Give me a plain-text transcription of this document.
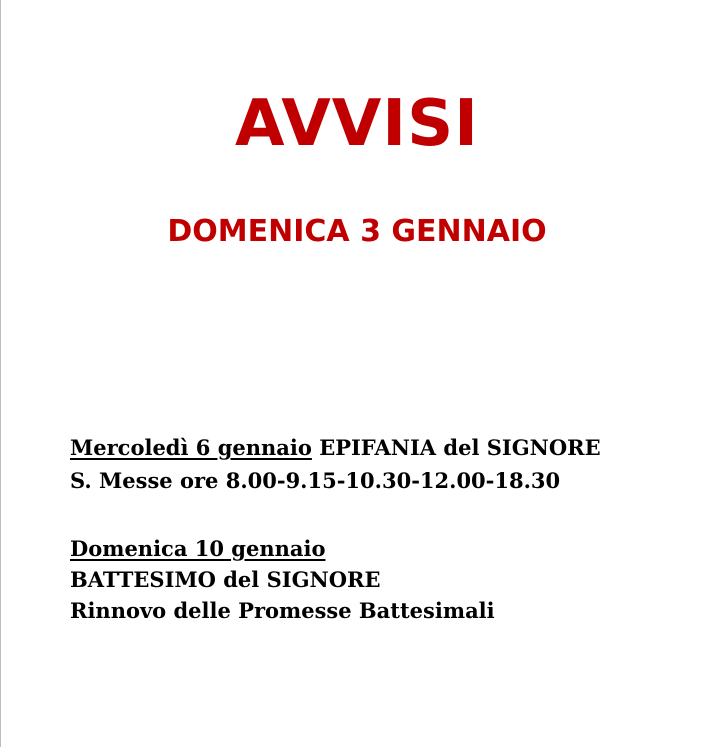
AVVISI
DOMENICA 3 GENNAIO
Mercoledì 6 gennaio EPIFANIA del SIGNORE
S. Messe ore 8.00-9.15-10.30-12.00-18.30
Domenica 10 gennaio
BATTESIMO del SIGNORE
Rinnovo delle Promesse Battesimali
